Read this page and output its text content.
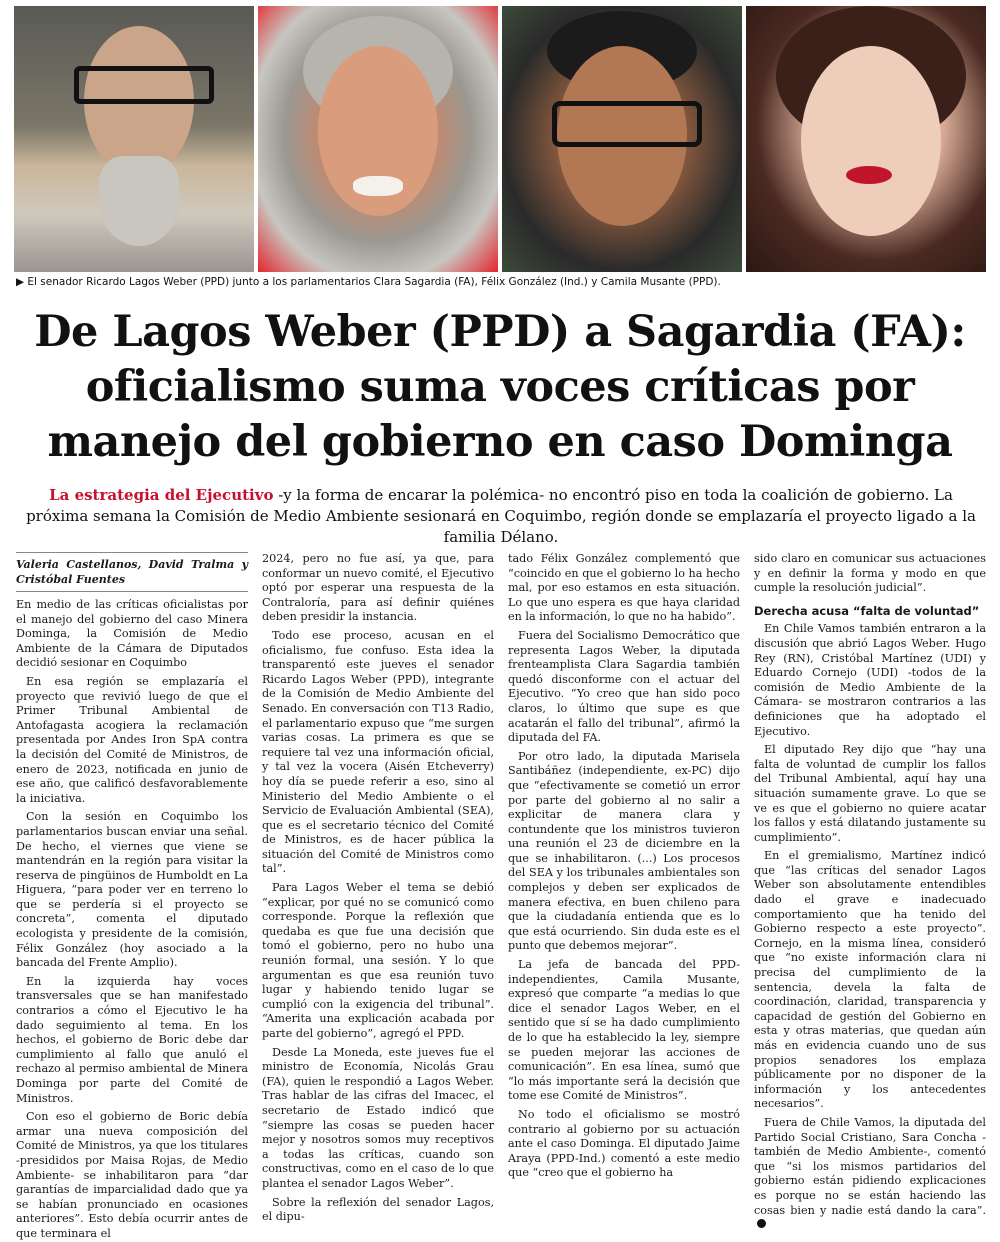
▶ El senador Ricardo Lagos Weber (PPD) junto a los parlamentarios Clara Sagardia (FA), Félix González (Ind.) y Camila Musante (PPD).
De Lagos Weber (PPD) a Sagardia (FA):
oficialismo suma voces críticas por
manejo del gobierno en caso Dominga
La estrategia del Ejecutivo -y la forma de encarar la polémica- no encontró piso en toda la coalición de gobierno. La próxima semana la Comisión de Medio Ambiente sesionará en Coquimbo, región donde se emplazaría el proyecto ligado a la familia Délano.
Valeria Castellanos, David Tralma y Cristóbal Fuentes

En medio de las críticas oficialistas por el manejo del gobierno del caso Minera Dominga, la Comisión de Medio Ambiente de la Cámara de Diputados decidió sesionar en Coquimbo

En esa región se emplazaría el proyecto que revivió luego de que el Primer Tribunal Ambiental de Antofagasta acogiera la reclamación presentada por Andes Iron SpA contra la decisión del Comité de Ministros, de enero de 2023, notificada en junio de ese año, que calificó desfavorablemente la iniciativa.

Con la sesión en Coquimbo los parlamentarios buscan enviar una señal. De hecho, el viernes que viene se mantendrán en la región para visitar la reserva de pingüinos de Humboldt en La Higuera, “para poder ver en terreno lo que se perdería si el proyecto se concreta”, comenta el diputado ecologista y presidente de la comisión, Félix González (hoy asociado a la bancada del Frente Amplio).

En la izquierda hay voces transversales que se han manifestado contrarios a cómo el Ejecutivo le ha dado seguimiento al tema. En los hechos, el gobierno de Boric debe dar cumplimiento al fallo que anuló el rechazo al permiso ambiental de Minera Dominga por parte del Comité de Ministros.

Con eso el gobierno de Boric debía armar una nueva composición del Comité de Ministros, ya que los titulares -presididos por Maisa Rojas, de Medio Ambiente- se inhabilitaron para “dar garantías de imparcialidad dado que ya se habían pronunciado en ocasiones anteriores”. Esto debía ocurrir antes de que terminara el

2024, pero no fue así, ya que, para conformar un nuevo comité, el Ejecutivo optó por esperar una respuesta de la Contraloría, para así definir quiénes deben presidir la instancia.

Todo ese proceso, acusan en el oficialismo, fue confuso. Esta idea la transparentó este jueves el senador Ricardo Lagos Weber (PPD), integrante de la Comisión de Medio Ambiente del Senado. En conversación con T13 Radio, el parlamentario expuso que “me surgen varias cosas. La primera es que se requiere tal vez una información oficial, y tal vez la vocera (Aisén Etcheverry) hoy día se puede referir a eso, sino al Ministerio del Medio Ambiente o el Servicio de Evaluación Ambiental (SEA), que es el secretario técnico del Comité de Ministros, es de hacer pública la situación del Comité de Ministros como tal”.

Para Lagos Weber el tema se debió “explicar, por qué no se comunicó como corresponde. Porque la reflexión que quedaba es que fue una decisión que tomó el gobierno, pero no hubo una reunión formal, una sesión. Y lo que argumentan es que esa reunión tuvo lugar y habiendo tenido lugar se cumplió con la exigencia del tribunal”. “Amerita una explicación acabada por parte del gobierno”, agregó el PPD.

Desde La Moneda, este jueves fue el ministro de Economía, Nicolás Grau (FA), quien le respondió a Lagos Weber. Tras hablar de las cifras del Imacec, el secretario de Estado indicó que “siempre las cosas se pueden hacer mejor y nosotros somos muy receptivos a todas las críticas, cuando son constructivas, como en el caso de lo que plantea el senador Lagos Weber”.

Sobre la reflexión del senador Lagos, el dipu-

tado Félix González complementó que “coincido en que el gobierno lo ha hecho mal, por eso estamos en esta situación. Lo que uno espera es que haya claridad en la información, lo que no ha habido”.

Fuera del Socialismo Democrático que representa Lagos Weber, la diputada frenteamplista Clara Sagardia también quedó disconforme con el actuar del Ejecutivo. “Yo creo que han sido poco claros, lo último que supe es que acatarán el fallo del tribunal”, afirmó la diputada del FA.

Por otro lado, la diputada Marisela Santibáñez (independiente, ex-PC) dijo que “efectivamente se cometió un error por parte del gobierno al no salir a explicitar de manera clara y contundente que los ministros tuvieron una reunión el 23 de diciembre en la que se inhabilitaron. (...) Los procesos del SEA y los tribunales ambientales son complejos y deben ser explicados de manera efectiva, en buen chileno para que la ciudadanía entienda que es lo que está ocurriendo. Sin duda este es el punto que debemos mejorar”.

La jefa de bancada del PPD-independientes, Camila Musante, expresó que comparte “a medias lo que dice el senador Lagos Weber, en el sentido que sí se ha dado cumplimiento de lo que ha establecido la ley, siempre se pueden mejorar las acciones de comunicación”. En esa línea, sumó que “lo más importante será la decisión que tome ese Comité de Ministros”.

No todo el oficialismo se mostró contrario al gobierno por su actuación ante el caso Dominga. El diputado Jaime Araya (PPD-Ind.) comentó a este medio que “creo que el gobierno ha

sido claro en comunicar sus actuaciones y en definir la forma y modo en que cumple la resolución judicial”.

Derecha acusa “falta de voluntad”

En Chile Vamos también entraron a la discusión que abrió Lagos Weber. Hugo Rey (RN), Cristóbal Martínez (UDI) y Eduardo Cornejo (UDI) -todos de la comisión de Medio Ambiente de la Cámara- se mostraron contrarios a las definiciones que ha adoptado el Ejecutivo.

El diputado Rey dijo que “hay una falta de voluntad de cumplir los fallos del Tribunal Ambiental, aquí hay una situación sumamente grave. Lo que se ve es que el gobierno no quiere acatar los fallos y está dilatando justamente su cumplimiento”.

En el gremialismo, Martínez indicó que “las críticas del senador Lagos Weber son absolutamente entendibles dado el grave e inadecuado comportamiento que ha tenido del Gobierno respecto a este proyecto”. Cornejo, en la misma línea, consideró que “no existe información clara ni precisa del cumplimiento de la sentencia, devela la falta de coordinación, claridad, transparencia y capacidad de gestión del Gobierno en esta y otras materias, que quedan aún más en evidencia cuando uno de sus propios senadores los emplaza públicamente por no disponer de la información y los antecedentes necesarios”.

Fuera de Chile Vamos, la diputada del Partido Social Cristiano, Sara Concha -también de Medio Ambiente-, comentó que “si los mismos partidarios del gobierno están pidiendo explicaciones es porque no se están haciendo las cosas bien y nadie está dando la cara”.
